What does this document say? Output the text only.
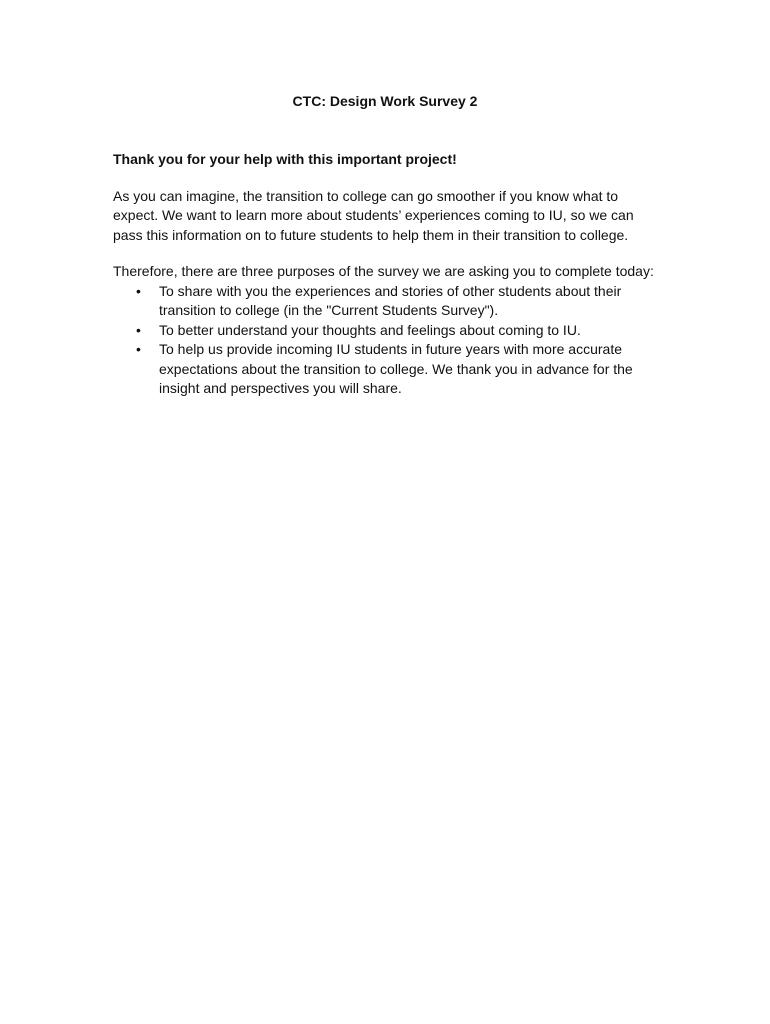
CTC: Design Work Survey 2

Thank you for your help with this important project!

As you can imagine, the transition to college can go smoother if you know what to expect. We want to learn more about students’ experiences coming to IU, so we can pass this information on to future students to help them in their transition to college.

Therefore, there are three purposes of the survey we are asking you to complete today:

• To share with you the experiences and stories of other students about their transition to college (in the "Current Students Survey").
• To better understand your thoughts and feelings about coming to IU.
• To help us provide incoming IU students in future years with more accurate expectations about the transition to college. We thank you in advance for the insight and perspectives you will share.
